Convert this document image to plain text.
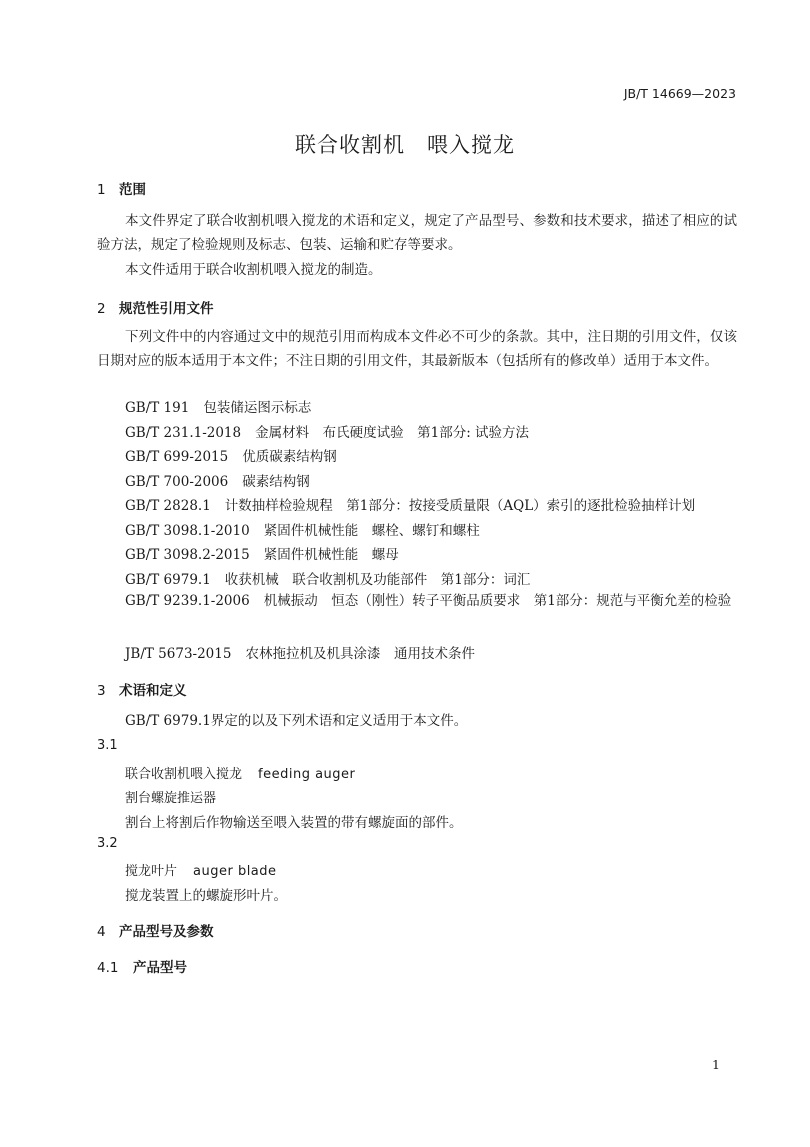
JB/T 14669—2023
联合收割机　喂入搅龙
1 范围
本文件界定了联合收割机喂入搅龙的术语和定义，规定了产品型号、参数和技术要求，描述了相应的试验方法，规定了检验规则及标志、包装、运输和贮存等要求。
本文件适用于联合收割机喂入搅龙的制造。
2 规范性引用文件
下列文件中的内容通过文中的规范引用而构成本文件必不可少的条款。其中，注日期的引用文件，仅该日期对应的版本适用于本文件；不注日期的引用文件，其最新版本（包括所有的修改单）适用于本文件。
GB/T 191 包装储运图示标志
GB/T 231.1-2018 金属材料　布氏硬度试验　第1部分: 试验方法
GB/T 699-2015 优质碳素结构钢
GB/T 700-2006 碳素结构钢
GB/T 2828.1 计数抽样检验规程　第1部分：按接受质量限（AQL）索引的逐批检验抽样计划
GB/T 3098.1-2010 紧固件机械性能　螺栓、螺钉和螺柱
GB/T 3098.2-2015 紧固件机械性能　螺母
GB/T 6979.1 收获机械　联合收割机及功能部件　第1部分：词汇
GB/T 9239.1-2006 机械振动　恒态（刚性）转子平衡品质要求　第1部分：规范与平衡允差的检验
JB/T 5673-2015 农林拖拉机及机具涂漆　通用技术条件
3 术语和定义
GB/T 6979.1界定的以及下列术语和定义适用于本文件。
3.1
联合收割机喂入搅龙 feeding auger
割台螺旋推运器
割台上将割后作物输送至喂入装置的带有螺旋面的部件。
3.2
搅龙叶片 auger blade
搅龙装置上的螺旋形叶片。
4 产品型号及参数
4.1 产品型号
1
